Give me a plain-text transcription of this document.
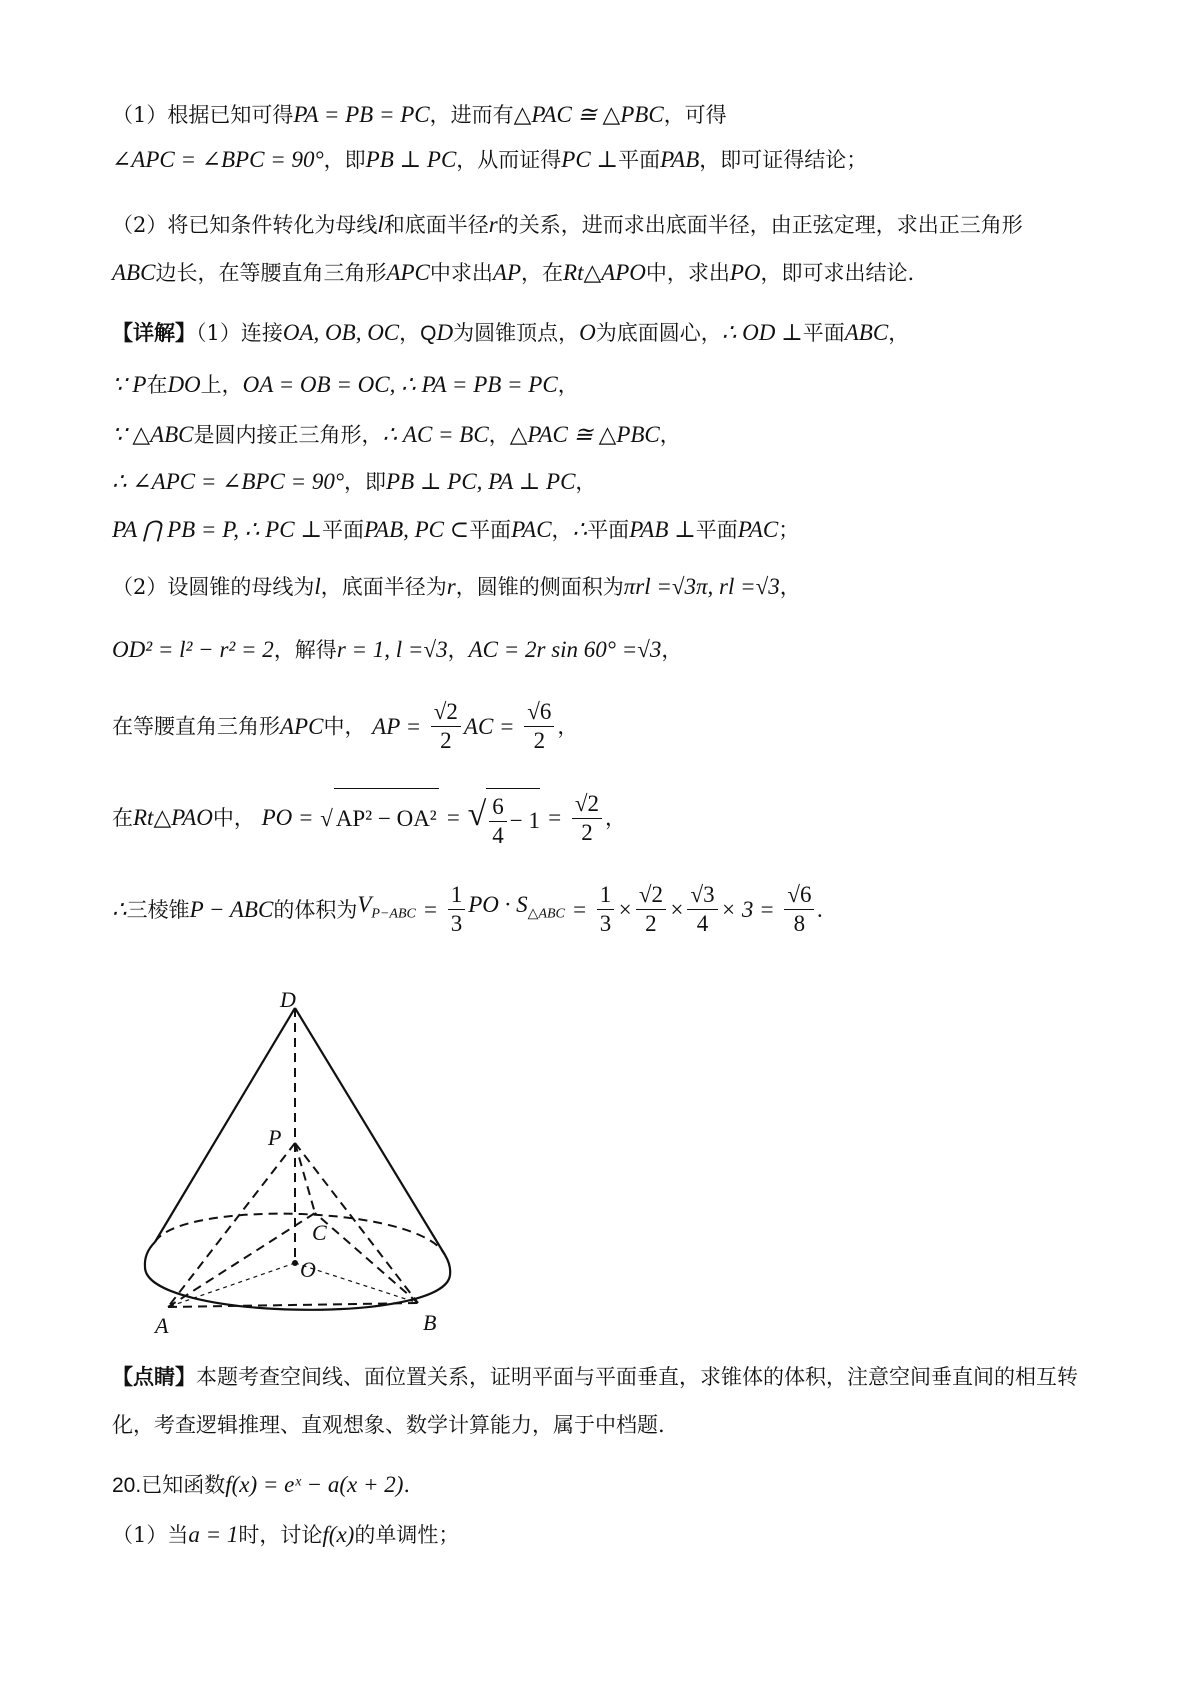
（1）根据已知可得PA = PB = PC，进而有△PAC ≅ △PBC，可得
∠APC = ∠BPC = 90°，即PB ⊥ PC，从而证得PC ⊥平面PAB，即可证得结论；
（2）将已知条件转化为母线l和底面半径r的关系，进而求出底面半径，由正弦定理，求出正三角形
ABC边长，在等腰直角三角形APC中求出AP，在Rt△APO中，求出PO，即可求出结论.
【详解】（1）连接OA, OB, OC，QD为圆锥顶点，O为底面圆心，∴ OD ⊥平面ABC，
∵ P在DO上，OA = OB = OC, ∴ PA = PB = PC，
∵ △ABC是圆内接正三角形，∴ AC = BC，△PAC ≅ △PBC，
∴ ∠APC = ∠BPC = 90°，即PB ⊥ PC, PA ⊥ PC，
PA ⋂ PB = P, ∴ PC ⊥平面PAB, PC ⊂平面PAC，∴平面PAB ⊥平面PAC；
（2）设圆锥的母线为l，底面半径为r，圆锥的侧面积为πrl =√3π, rl =√3，
OD² = l² − r² = 2，解得r = 1, l =√3，AC = 2r sin 60° =√3，
在等腰直角三角形APC中， AP = $\frac{√2}{2}$ AC = $\frac{√6}{2}$ ，
在Rt△PAO中， PO = √ AP² − OA² = √ $\frac{6}{4} - 1 = \frac{√2}{2}$ ，
∴三棱锥P − ABC的体积为$V_{P-ABC} = \frac{1}{3}$ PO · $S_{\triangle ABC} = \frac{1}{3} \times \frac{√2}{2} \times \frac{√3}{4} \times 3 = \frac{√6}{8}$ .
D
P
C
O
A	B
【点睛】本题考查空间线、面位置关系，证明平面与平面垂直，求锥体的体积，注意空间垂直间的相互转
化，考查逻辑推理、直观想象、数学计算能力，属于中档题.
20.已知函数f(x) = eˣ − a(x + 2).
（1）当a = 1时，讨论f(x)的单调性；
